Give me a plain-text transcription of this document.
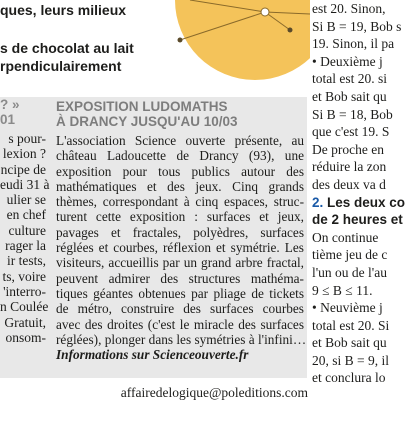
ques, leurs milieux
s de chocolat au lait
rpendiculairement
est 20. Sinon,
Si B = 19, Bob s
19. Sinon, il pa
• Deuxième j
total est 20. si
et Bob sait qu
Si B = 18, Bob
que c'est 19. S
De proche en
réduire la zon
des deux va d
2. Les deux co
de 2 heures et
On continue
tième jeu de c
l'un ou de l'au
9 ≤ B ≤ 11.
• Neuvième j
total est 20. Si
et Bob sait qu
20, si B = 9, il
et conclura lo
? »
01
s pour-
lexion ?
ncipe de
eudi 31 à
ulier se
en chef
culture
rager la
ir tests,
ts, voire
'interro-
n Coulée
Gratuit,
onsom-
EXPOSITION LUDOMATHS
À DRANCY JUSQU'AU 10/03
L'association Science ouverte présente, au
château Ladoucette de Drancy (93), une
exposition pour tous publics autour des
mathématiques et des jeux. Cinq grands
thèmes, correspondant à cinq espaces, struc-
turent cette exposition : surfaces et jeux,
pavages et fractales, polyèdres, surfaces
réglées et courbes, réflexion et symétrie. Les
visiteurs, accueillis par un grand arbre fractal,
peuvent admirer des structures mathéma-
tiques géantes obtenues par pliage de tickets
de métro, construire des surfaces courbes
avec des droites (c'est le miracle des surfaces
réglées), plonger dans les symétries à l'infini…
Informations sur Scienceouverte.fr
affairedelogique@poleditions.com
